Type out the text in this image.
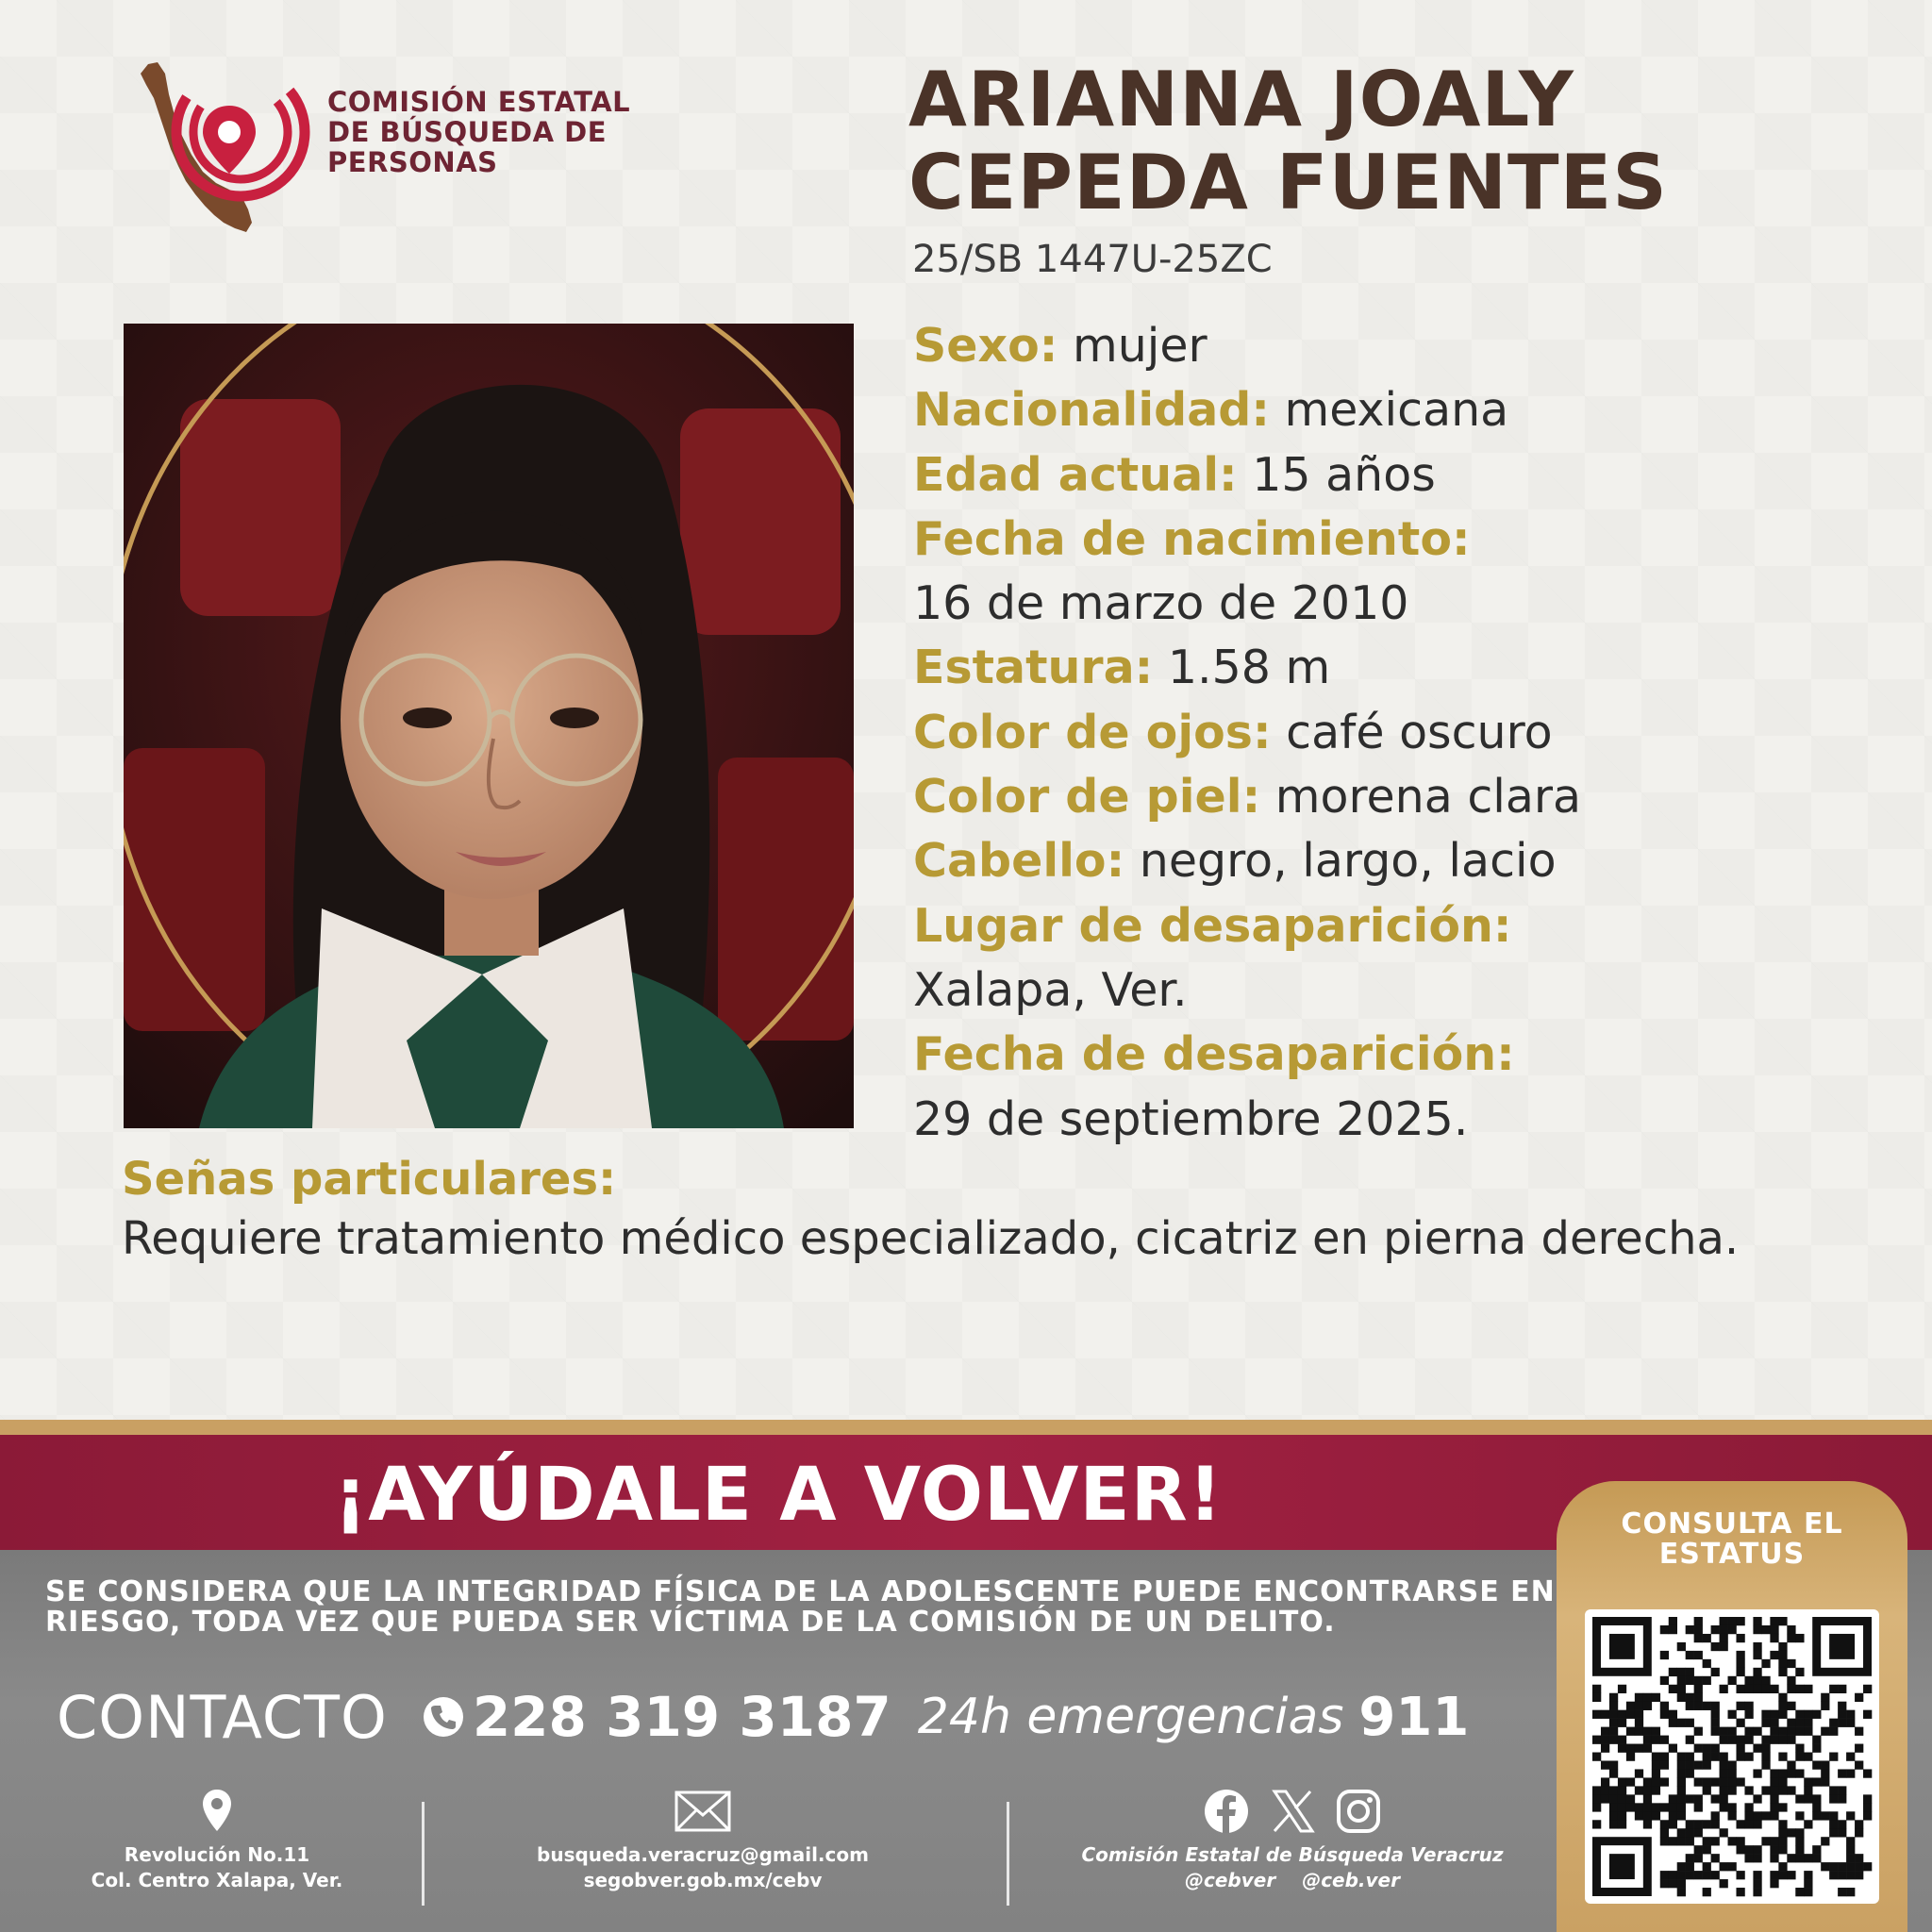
COMISIÓN ESTATAL
DE BÚSQUEDA DE
PERSONAS
ARIANNA JOALY
CEPEDA FUENTES
25/SB 1447U-25ZC
Sexo: mujer
Nacionalidad: mexicana
Edad actual: 15 años
Fecha de nacimiento:
16 de marzo de 2010
Estatura: 1.58 m
Color de ojos: café oscuro
Color de piel: morena clara
Cabello: negro, largo, lacio
Lugar de desaparición:
Xalapa, Ver.
Fecha de desaparición:
29 de septiembre 2025.
Señas particulares:
Requiere tratamiento médico especializado, cicatriz en pierna derecha.
¡AYÚDALE A VOLVER!
SE CONSIDERA QUE LA INTEGRIDAD FÍSICA DE LA ADOLESCENTE PUEDE ENCONTRARSE EN
RIESGO, TODA VEZ QUE PUEDA SER VÍCTIMA DE LA COMISIÓN DE UN DELITO.
CONTACTO 228 319 3187 24h emergencias 911
Revolución No.11
Col. Centro Xalapa, Ver.
busqueda.veracruz@gmail.com
segobver.gob.mx/cebv
Comisión Estatal de Búsqueda Veracruz
@cebver @ceb.ver
CONSULTA EL
ESTATUS
